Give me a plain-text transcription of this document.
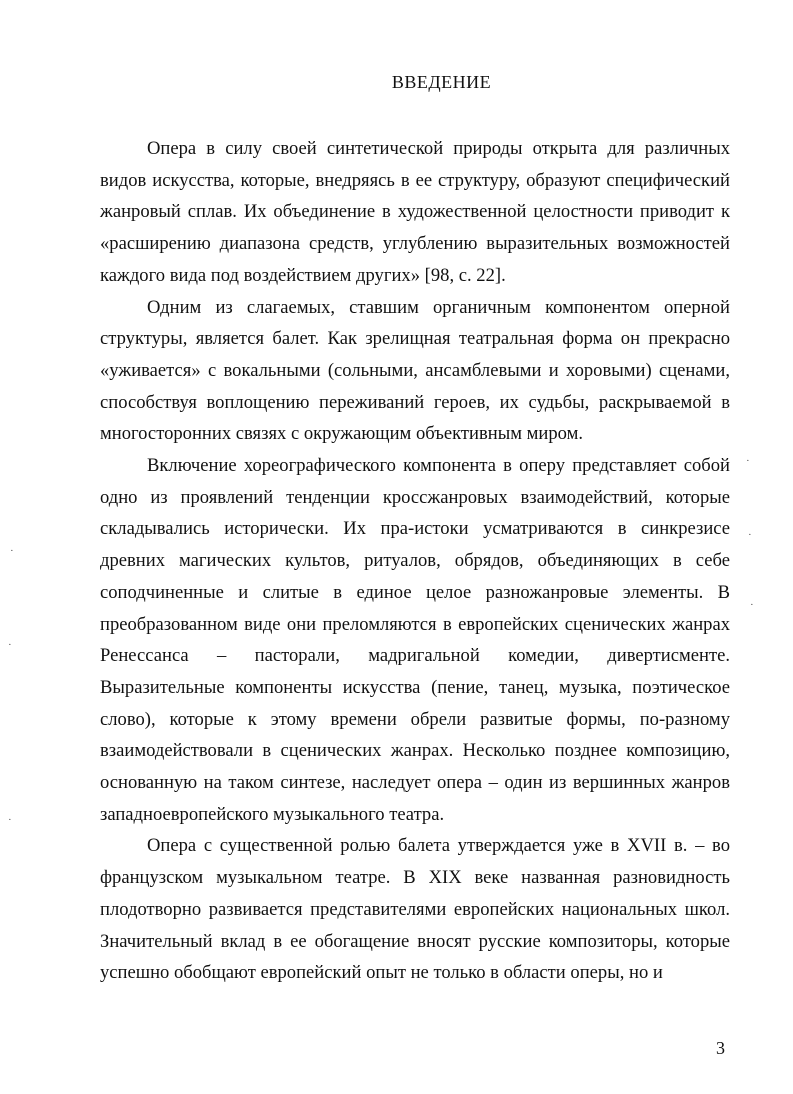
ВВЕДЕНИЕ

Опера в силу своей синтетической природы открыта для различных видов искусства, которые, внедряясь в ее структуру, образуют специфический жанровый сплав. Их объединение в художественной целостности приводит к «расширению диапазона средств, углублению выразительных возможностей каждого вида под воздействием других» [98, с. 22].

Одним из слагаемых, ставшим органичным компонентом оперной структуры, является балет. Как зрелищная театральная форма он прекрасно «уживается» с вокальными (сольными, ансамблевыми и хоровыми) сценами, способствуя воплощению переживаний героев, их судьбы, раскрываемой в многосторонних связях с окружающим объективным миром.

Включение хореографического компонента в оперу представляет собой одно из проявлений тенденции кроссжанровых взаимодействий, которые складывались исторически. Их пра-истоки усматриваются в синкрезисе древних магических культов, ритуалов, обрядов, объединяющих в себе соподчиненные и слитые в единое целое разножанровые элементы. В преобразованном виде они преломляются в европейских сценических жанрах Ренессанса – пасторали, мадригальной комедии, дивертисменте. Выразительные компоненты искусства (пение, танец, музыка, поэтическое слово), которые к этому времени обрели развитые формы, по-разному взаимодействовали в сценических жанрах. Несколько позднее композицию, основанную на таком синтезе, наследует опера – один из вершинных жанров западноевропейского музыкального театра.

Опера с существенной ролью балета утверждается уже в XVII в. – во французском музыкальном театре. В XIX веке названная разновидность плодотворно развивается представителями европейских национальных школ. Значительный вклад в ее обогащение вносят русские композиторы, которые успешно обобщают европейский опыт не только в области оперы, но и

3
·
·
·
·
·
·
